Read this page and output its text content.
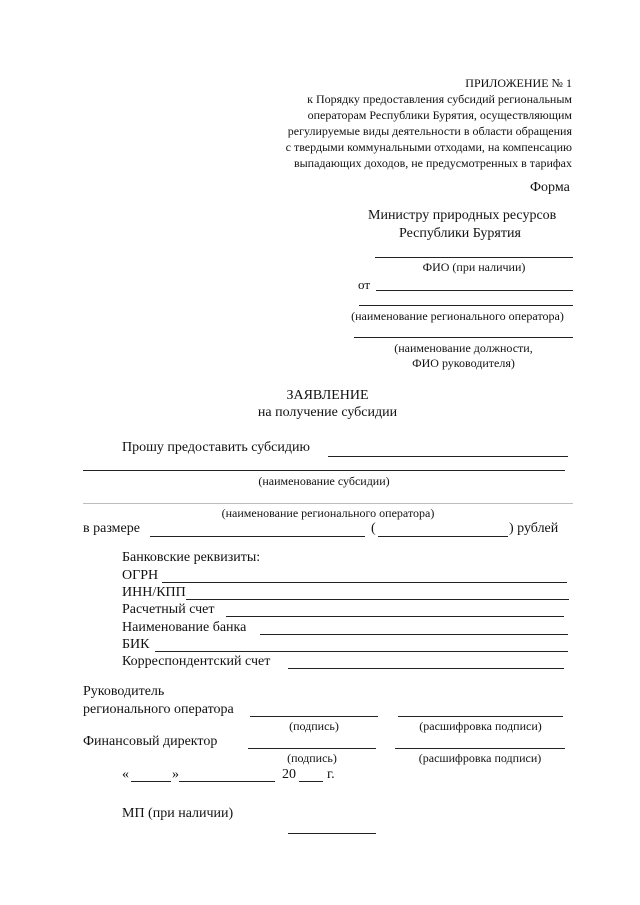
ПРИЛОЖЕНИЕ № 1
к Порядку предоставления субсидий региональным
операторам Республики Бурятия, осуществляющим
регулируемые виды деятельности в области обращения
с твердыми коммунальными отходами, на компенсацию
выпадающих доходов, не предусмотренных в тарифах
Форма
Министру природных ресурсов
Республики Бурятия
ФИО (при наличии)
от
(наименование регионального оператора)
(наименование должности,
ФИО руководителя)
ЗАЯВЛЕНИЕ
на получение субсидии
Прошу предоставить субсидию
(наименование субсидии)
(наименование регионального оператора)
в размере	(	) рублей
Банковские реквизиты:
ОГРН
ИНН/КПП
Расчетный счет
Наименование банка
БИК
Корреспондентский счет
Руководитель
регионального оператора
(подпись)	(расшифровка подписи)
Финансовый директор
(подпись)	(расшифровка подписи)
«	»	20 г.
МП (при наличии)
